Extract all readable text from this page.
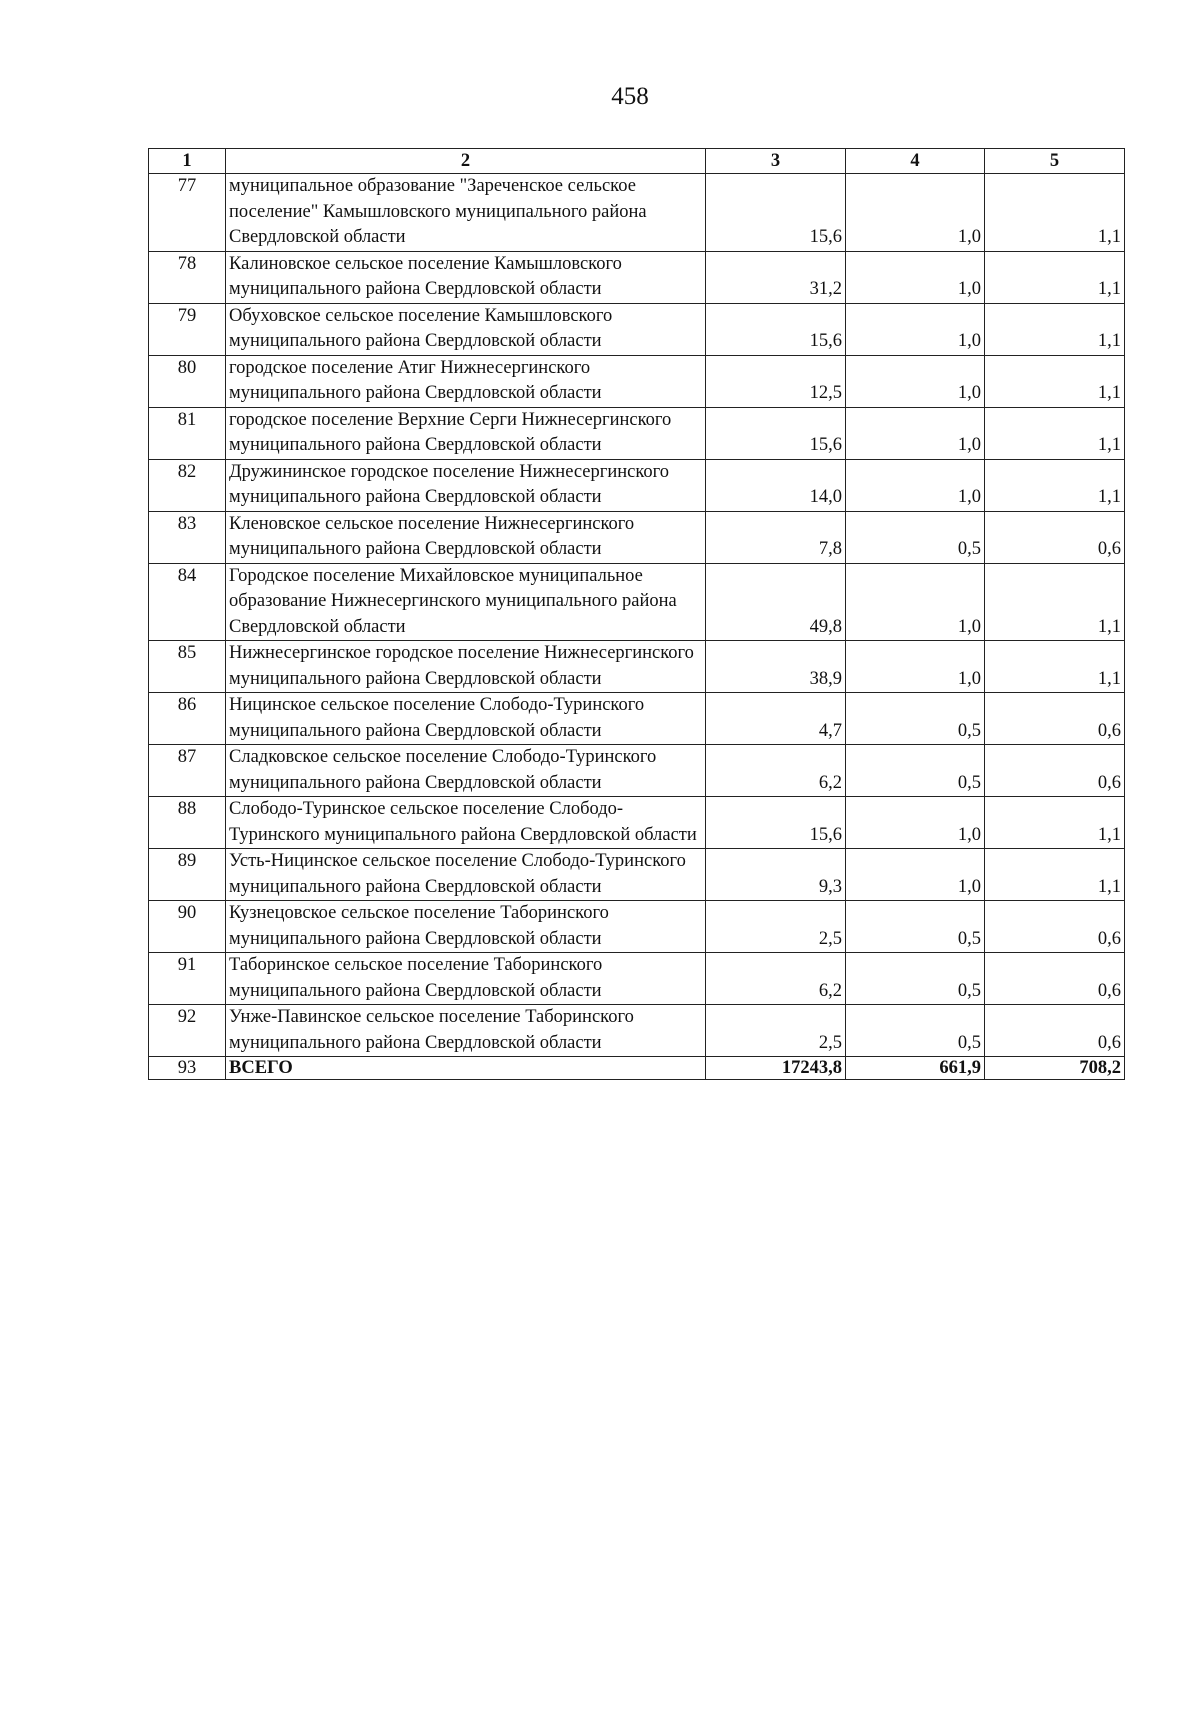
458
1	2	3	4	5
77	муниципальное образование "Зареченское сельское поселение" Камышловского муниципального района Свердловской области	15,6	1,0	1,1
78	Калиновское сельское поселение Камышловского муниципального района Свердловской области	31,2	1,0	1,1
79	Обуховское сельское поселение Камышловского муниципального района Свердловской области	15,6	1,0	1,1
80	городское поселение Атиг Нижнесергинского муниципального района Свердловской области	12,5	1,0	1,1
81	городское поселение Верхние Серги Нижнесергинского муниципального района Свердловской области	15,6	1,0	1,1
82	Дружининское городское поселение Нижнесергинского муниципального района Свердловской области	14,0	1,0	1,1
83	Кленовское сельское поселение Нижнесергинского муниципального района Свердловской области	7,8	0,5	0,6
84	Городское поселение Михайловское муниципальное образование Нижнесергинского муниципального района Свердловской области	49,8	1,0	1,1
85	Нижнесергинское городское поселение Нижнесергинского муниципального района Свердловской области	38,9	1,0	1,1
86	Ницинское сельское поселение Слободо-Туринского муниципального района Свердловской области	4,7	0,5	0,6
87	Сладковское сельское поселение Слободо-Туринского муниципального района Свердловской области	6,2	0,5	0,6
88	Слободо-Туринское сельское поселение Слободо-Туринского муниципального района Свердловской области	15,6	1,0	1,1
89	Усть-Ницинское сельское поселение Слободо-Туринского муниципального района Свердловской области	9,3	1,0	1,1
90	Кузнецовское сельское поселение Таборинского муниципального района Свердловской области	2,5	0,5	0,6
91	Таборинское сельское поселение Таборинского муниципального района Свердловской области	6,2	0,5	0,6
92	Унже-Павинское сельское поселение Таборинского муниципального района Свердловской области	2,5	0,5	0,6
93	ВСЕГО	17243,8	661,9	708,2
